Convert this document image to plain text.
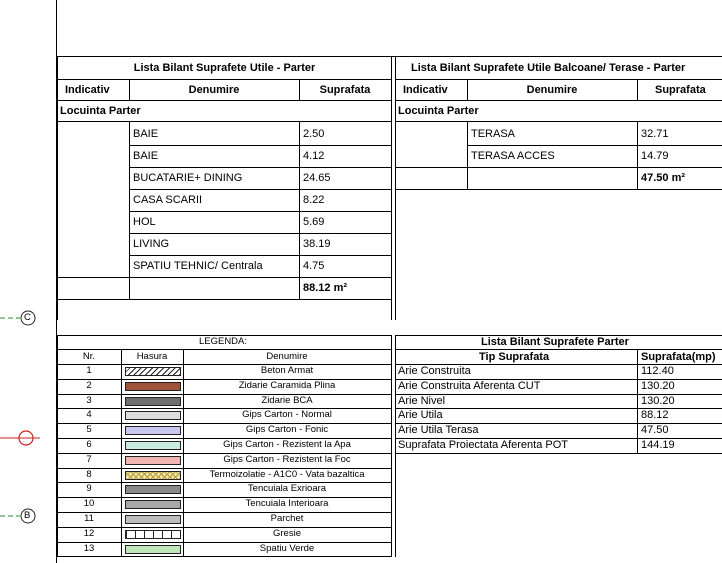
C
B
Lista Bilant Suprafete Utile - Parter
Indicativ	Denumire	Suprafata
Locuinta Parter
BAIE	2.50
BAIE	4.12
BUCATARIE+ DINING	24.65
CASA SCARII	8.22
HOL	5.69
LIVING	38.19
SPATIU TEHNIC/ Centrala	4.75
88.12 m²
Lista Bilant Suprafete Utile Balcoane/ Terase - Parter
Indicativ	Denumire	Suprafata
Locuinta Parter
TERASA	32.71
TERASA ACCES	14.79
47.50 m²
LEGENDA:
Nr.	Hasura	Denumire
1	Beton Armat
2	Zidarie Caramida Plina
3	Zidarie BCA
4	Gips Carton - Normal
5	Gips Carton - Fonic
6	Gips Carton - Rezistent la Apa
7	Gips Carton - Rezistent la Foc
8	Termoizolatie - A1C0 - Vata bazaltica
9	Tencuiala Exrioara
10	Tencuiala Interioara
11	Parchet
12	Gresie
13	Spatiu Verde
Lista Bilant Suprafete Parter
Tip Suprafata	Suprafata(mp)
Arie Construita	112.40
Arie Construita Aferenta CUT	130.20
Arie Nivel	130.20
Arie Utila	88.12
Arie Utila Terasa	47.50
Suprafata Proiectata Aferenta POT	144.19
